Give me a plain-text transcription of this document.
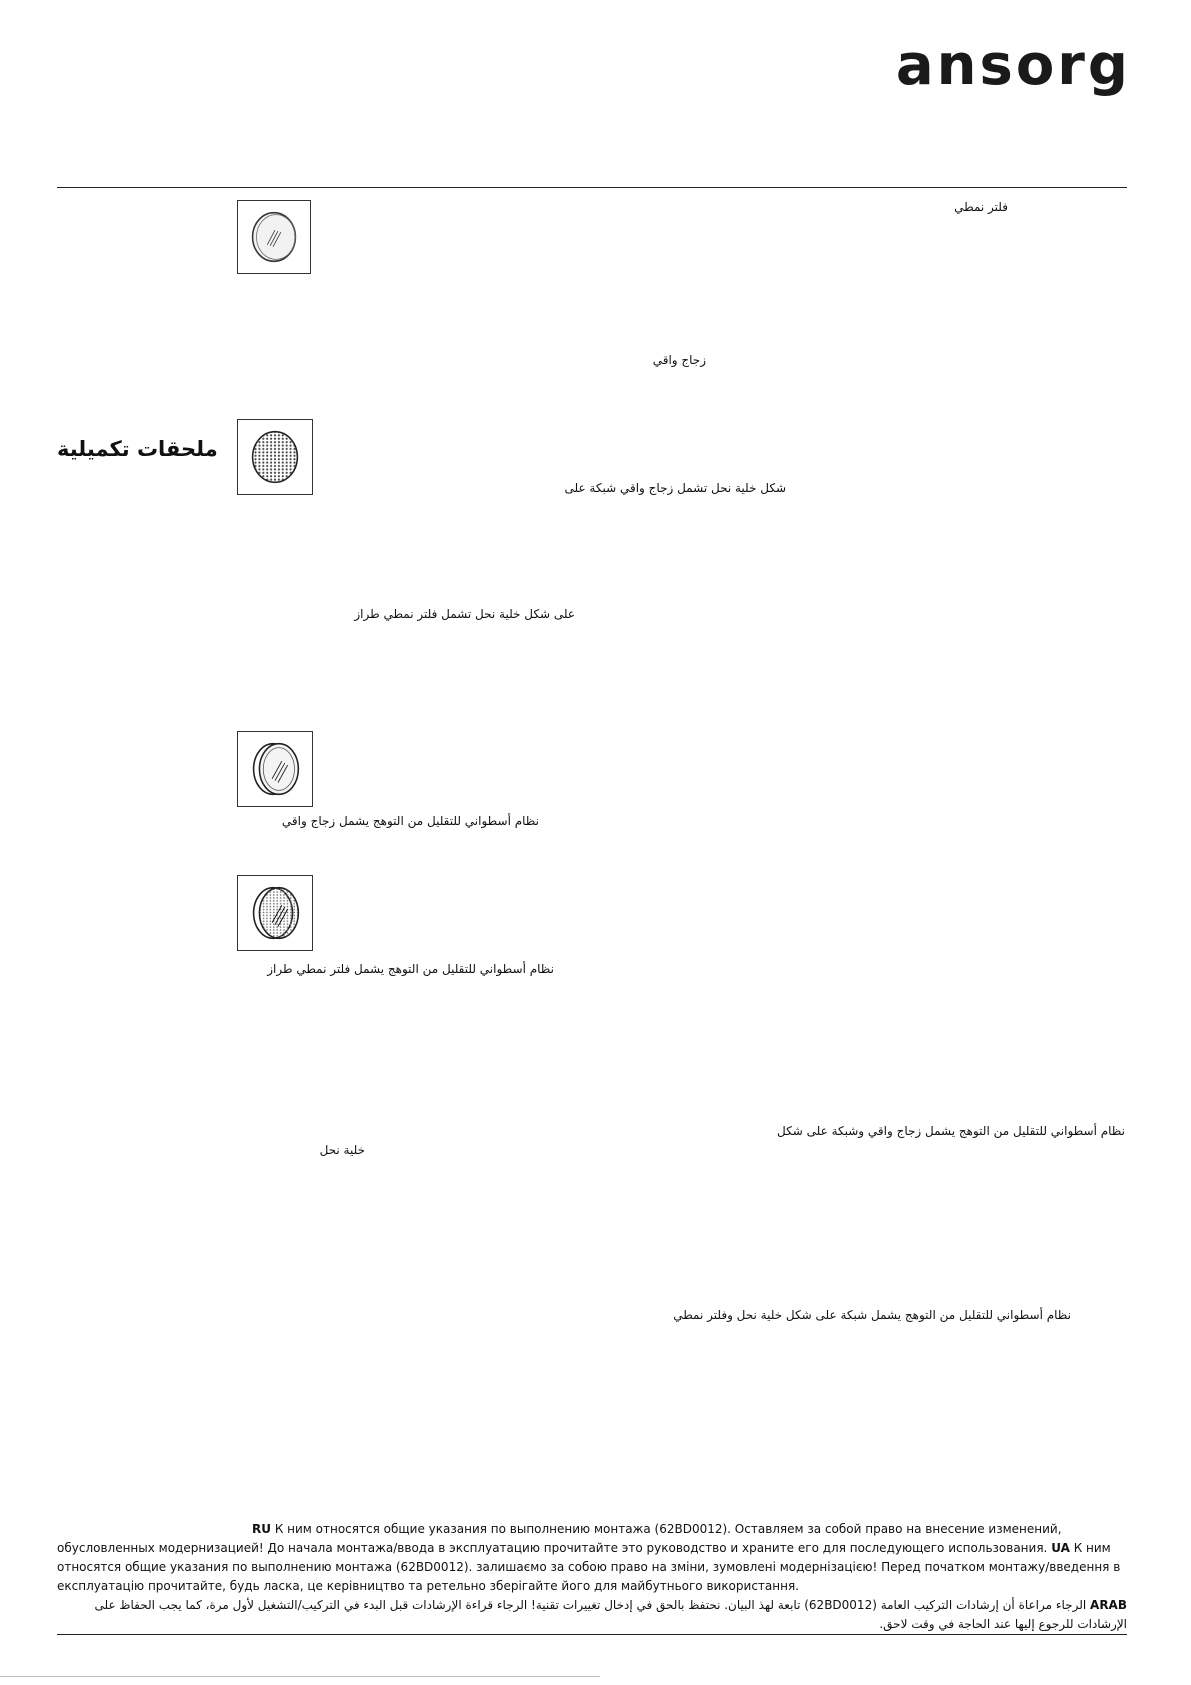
ansorg
ملحقات تكميلية
فلتر نمطي
زجاج واقي
شكل خلية نحل تشمل زجاج واقي شبكة على
على شكل خلية نحل تشمل فلتر نمطي طراز
نظام أسطواني للتقليل من التوهج يشمل زجاج واقي
نظام أسطواني للتقليل من التوهج يشمل فلتر نمطي طراز
نظام أسطواني للتقليل من التوهج يشمل زجاج واقي وشبكة على شكل
خلية نحل
نظام أسطواني للتقليل من التوهج يشمل شبكة على شكل خلية نحل وفلتر نمطي

RU К ним относятся общие указания по выполнению монтажа (62BD0012). Оставляем за собой право на внесение изменений, обусловленных модернизацией! До начала монтажа/ввода в эксплуатацию прочитайте это руководство и храните его для последующего использования. UA К ним относятся общие указания по выполнению монтажа (62BD0012). залишаємо за собою право на зміни, зумовлені модернізацією! Перед початком монтажу/введення в експлуатацію прочитайте, будь ласка, це керівництво та ретельно зберігайте його для майбутнього використання.

ARAB الرجاء مراعاة أن إرشادات التركيب العامة (62BD0012) تابعة لهذ البيان. نحتفظ بالحق في إدخال تغييرات تقنية! الرجاء قراءة الإرشادات قبل البدء في التركيب/التشغيل لأول مرة، كما يجب الحفاظ على الإرشادات للرجوع إليها عند الحاجة في وقت لاحق.
